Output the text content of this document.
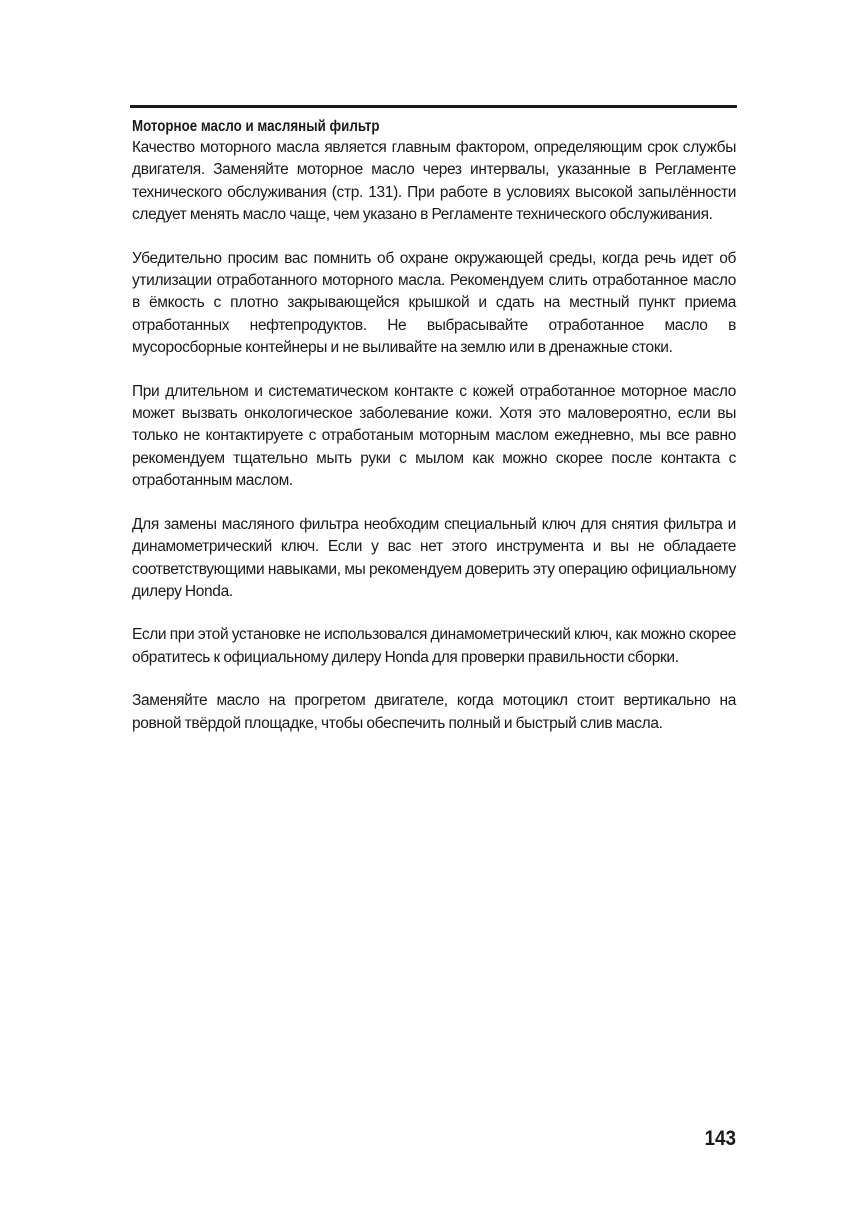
Моторное масло и масляный фильтр

Качество моторного масла является главным фактором, определяющим срок службы двигателя. Заменяйте моторное масло через интервалы, указанные в Регламенте технического обслуживания (стр. 131). При работе в условиях высокой запылённости следует менять масло чаще, чем указано в Регламенте технического обслуживания.

Убедительно просим вас помнить об охране окружающей среды, когда речь идет об утилизации отработанного моторного масла. Рекомендуем слить отработанное масло в ёмкость с плотно закрывающейся крышкой и сдать на местный пункт приема отработанных нефтепродуктов. Не выбрасывайте отработанное масло в мусоросборные контейнеры и не выливайте на землю или в дренажные стоки.

При длительном и систематическом контакте с кожей отработанное моторное масло может вызвать онкологическое заболевание кожи. Хотя это маловероятно, если вы только не контактируете с отработаным моторным маслом ежедневно, мы все равно рекомендуем тщательно мыть руки с мылом как можно скорее после контакта с отработанным маслом.

Для замены масляного фильтра необходим специальный ключ для снятия фильтра и динамометрический ключ. Если у вас нет этого инструмента и вы не обладаете соответствующими навыками, мы рекомендуем доверить эту операцию официальному дилеру Honda.

Если при этой установке не использовался динамометрический ключ, как можно скорее обратитесь к официальному дилеру Honda для проверки правильности сборки.

Заменяйте масло на прогретом двигателе, когда мотоцикл стоит вертикально на ровной твёрдой площадке, чтобы обеспечить полный и быстрый слив масла.

143
